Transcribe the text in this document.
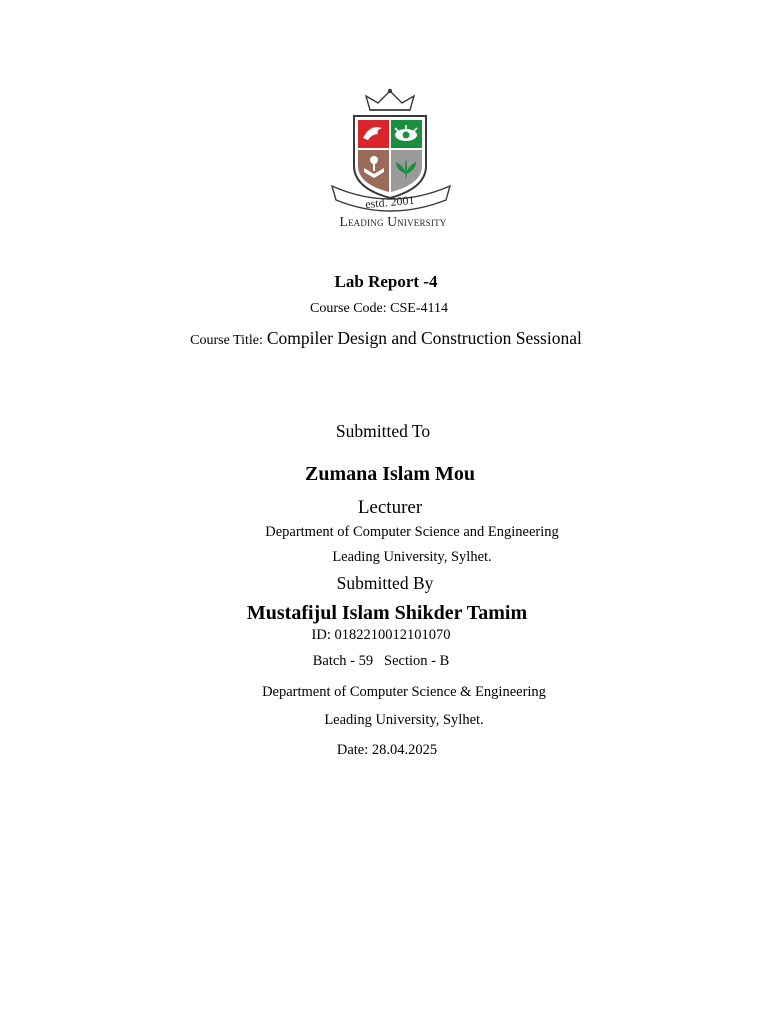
estd. 2001
Leading University
Lab Report -4
Course Code: CSE-4114
Course Title: Compiler Design and Construction Sessional
Submitted To
Zumana Islam Mou
Lecturer
Department of Computer Science and Engineering
Leading University, Sylhet.
Submitted By
Mustafijul Islam Shikder Tamim
ID: 0182210012101070
Batch - 59   Section - B
Department of Computer Science & Engineering
Leading University, Sylhet.
Date: 28.04.2025
